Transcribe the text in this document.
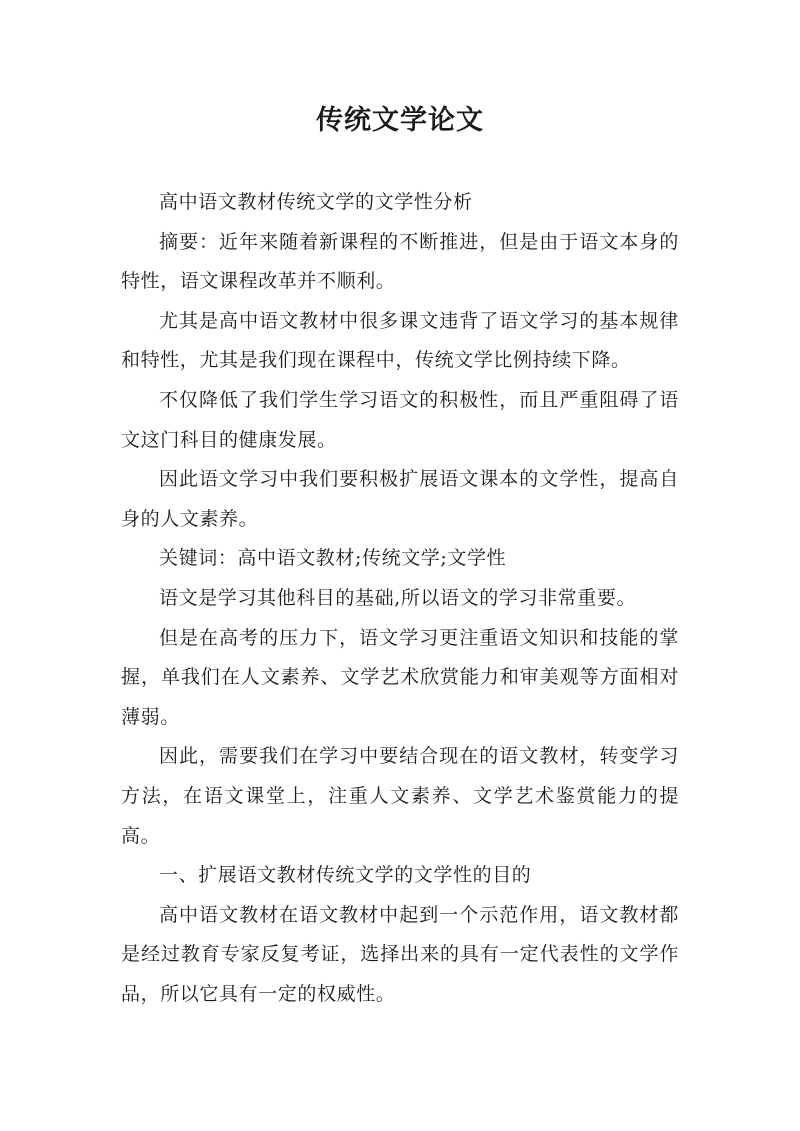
传统文学论文

高中语文教材传统文学的文学性分析

摘要：近年来随着新课程的不断推进，但是由于语文本身的特性，语文课程改革并不顺利。

尤其是高中语文教材中很多课文违背了语文学习的基本规律和特性，尤其是我们现在课程中，传统文学比例持续下降。

不仅降低了我们学生学习语文的积极性，而且严重阻碍了语文这门科目的健康发展。

因此语文学习中我们要积极扩展语文课本的文学性，提高自身的人文素养。

关键词：高中语文教材;传统文学;文学性

语文是学习其他科目的基础,所以语文的学习非常重要。

但是在高考的压力下，语文学习更注重语文知识和技能的掌握，单我们在人文素养、文学艺术欣赏能力和审美观等方面相对薄弱。

因此，需要我们在学习中要结合现在的语文教材，转变学习方法，在语文课堂上，注重人文素养、文学艺术鉴赏能力的提高。

一、扩展语文教材传统文学的文学性的目的

高中语文教材在语文教材中起到一个示范作用，语文教材都是经过教育专家反复考证，选择出来的具有一定代表性的文学作品，所以它具有一定的权威性。
